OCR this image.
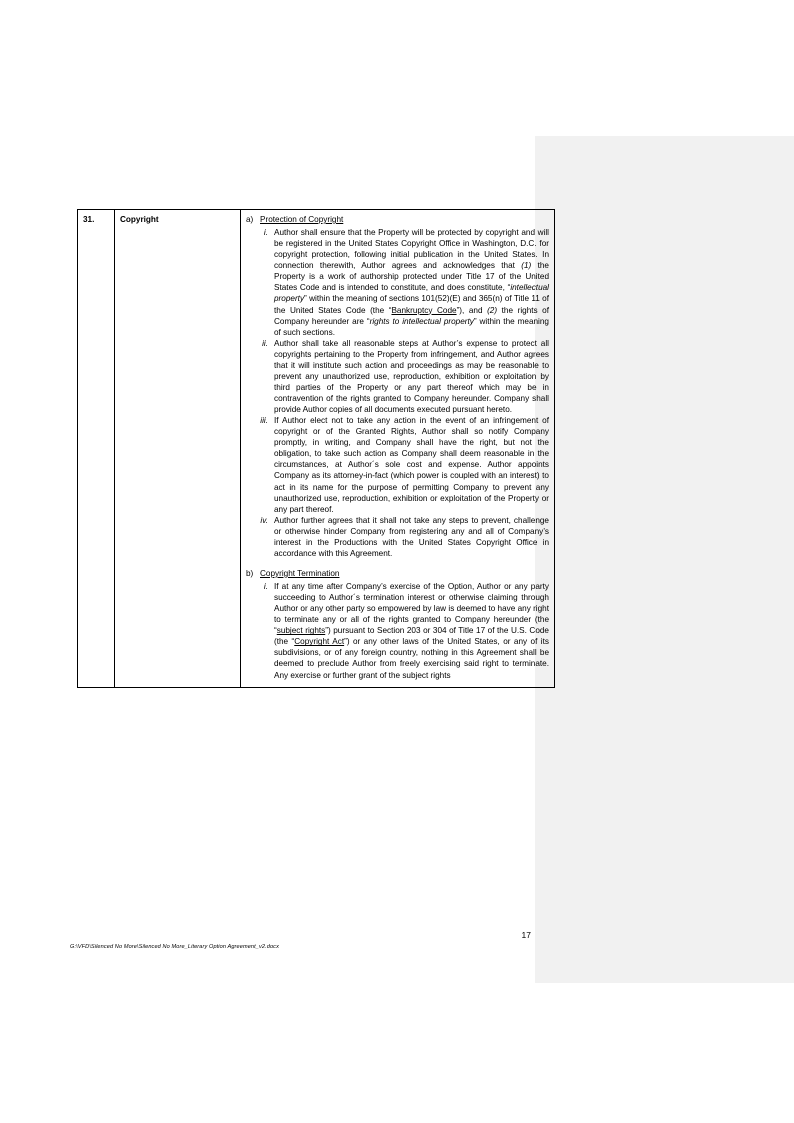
31.	Copyright	a) Protection of Copyright
i. Author shall ensure that the Property will be protected by copyright and will be registered in the United States Copyright Office in Washington, D.C. for copyright protection, following initial publication in the United States. In connection therewith, Author agrees and acknowledges that (1) the Property is a work of authorship protected under Title 17 of the United States Code and is intended to constitute, and does constitute, “intellectual property” within the meaning of sections 101(52)(E) and 365(n) of Title 11 of the United States Code (the “Bankruptcy Code”), and (2) the rights of Company hereunder are “rights to intellectual property” within the meaning of such sections.
ii. Author shall take all reasonable steps at Author’s expense to protect all copyrights pertaining to the Property from infringement, and Author agrees that it will institute such action and proceedings as may be reasonable to prevent any unauthorized use, reproduction, exhibition or exploitation by third parties of the Property or any part thereof which may be in contravention of the rights granted to Company hereunder. Company shall provide Author copies of all documents executed pursuant hereto.
iii. If Author elect not to take any action in the event of an infringement of copyright or of the Granted Rights, Author shall so notify Company promptly, in writing, and Company shall have the right, but not the obligation, to take such action as Company shall deem reasonable in the circumstances, at Author´s sole cost and expense. Author appoints Company as its attorney-in-fact (which power is coupled with an interest) to act in its name for the purpose of permitting Company to prevent any unauthorized use, reproduction, exhibition or exploitation of the Property or any part thereof.
iv. Author further agrees that it shall not take any steps to prevent, challenge or otherwise hinder Company from registering any and all of Company’s interest in the Productions with the United States Copyright Office in accordance with this Agreement.
b) Copyright Termination
i. If at any time after Company’s exercise of the Option, Author or any party succeeding to Author´s termination interest or otherwise claiming through Author or any other party so empowered by law is deemed to have any right to terminate any or all of the rights granted to Company hereunder (the “subject rights”) pursuant to Section 203 or 304 of Title 17 of the U.S. Code (the “Copyright Act”) or any other laws of the United States, or any of its subdivisions, or of any foreign country, nothing in this Agreement shall be deemed to preclude Author from freely exercising said right to terminate. Any exercise or further grant of the subject rights
17
G:\VFD\Silenced No More\Silenced No More_Literary Option Agreement_v2.docx
